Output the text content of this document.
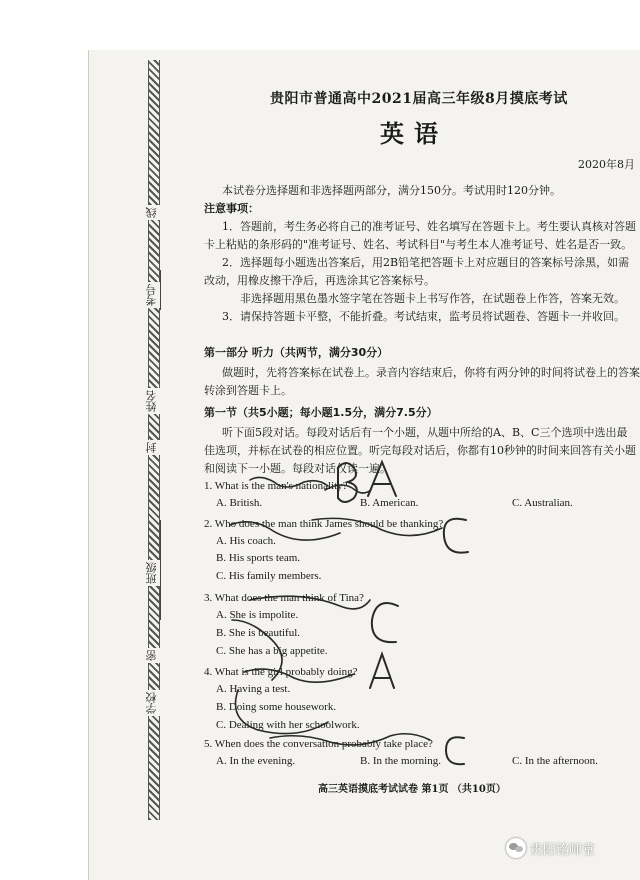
考号
姓名
班级
学校
线
封
密
贵阳市普通高中2021届高三年级8月摸底考试
英语
2020年8月
本试卷分选择题和非选择题两部分，满分150分。考试用时120分钟。
注意事项：
1．答题前，考生务必将自己的准考证号、姓名填写在答题卡上。考生要认真核对答题
卡上粘贴的条形码的"准考证号、姓名、考试科目"与考生本人准考证号、姓名是否一致。
2．选择题每小题选出答案后，用2B铅笔把答题卡上对应题目的答案标号涂黑，如需
改动，用橡皮擦干净后，再选涂其它答案标号。
非选择题用黑色墨水签字笔在答题卡上书写作答，在试题卷上作答，答案无效。
3．请保持答题卡平整，不能折叠。考试结束，监考员将试题卷、答题卡一并收回。
第一部分 听力（共两节，满分30分）
做题时，先将答案标在试卷上。录音内容结束后，你将有两分钟的时间将试卷上的答案
转涂到答题卡上。
第一节（共5小题；每小题1.5分，满分7.5分）
听下面5段对话。每段对话后有一个小题，从题中所给的A、B、C三个选项中选出最
佳选项，并标在试卷的相应位置。听完每段对话后，你都有10秒钟的时间来回答有关小题
和阅读下一小题。每段对话仅读一遍。
1. What is the man's nationality?
A. British.	B. American.	C. Australian.
2. Who does the man think James should be thanking?
A. His coach.
B. His sports team.
C. His family members.
3. What does the man think of Tina?
A. She is impolite.
B. She is beautiful.
C. She has a big appetite.
4. What is the girl probably doing?
A. Having a test.
B. Doing some housework.
C. Dealing with her schoolwork.
5. When does the conversation probably take place?
A. In the evening.	B. In the morning.	C. In the afternoon.
高三英语摸底考试试卷 第1页 （共10页）
贵阳铭师堂
